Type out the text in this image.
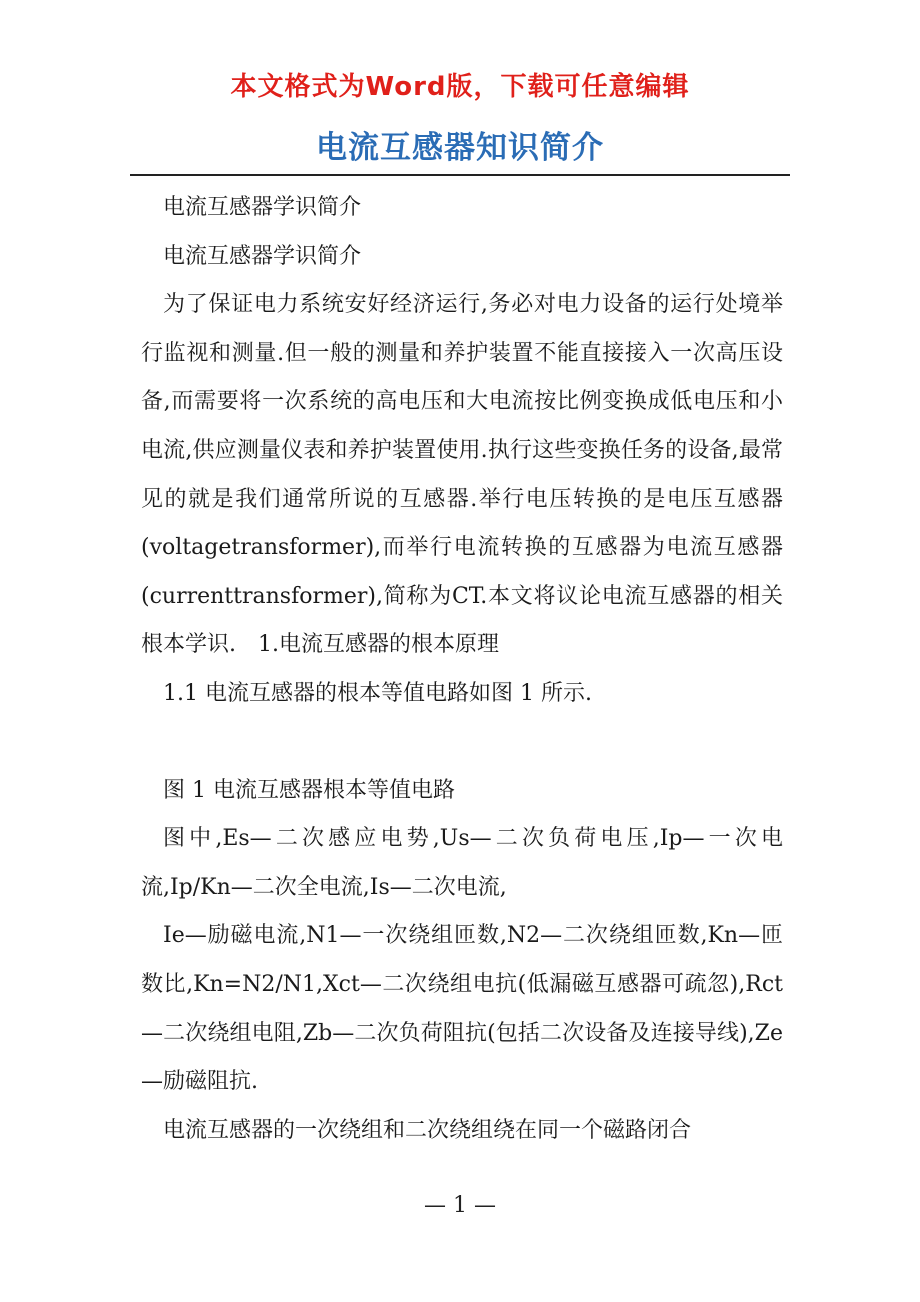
本文格式为Word版，下载可任意编辑
电流互感器知识简介

电流互感器学识简介

电流互感器学识简介

为了保证电力系统安好经济运行,务必对电力设备的运行处境举行监视和测量.但一般的测量和养护装置不能直接接入一次高压设备,而需要将一次系统的高电压和大电流按比例变换成低电压和小电流,供应测量仪表和养护装置使用.执行这些变换任务的设备,最常见的就是我们通常所说的互感器.举行电压转换的是电压互感器(voltagetransformer),而举行电流转换的互感器为电流互感器(currenttransformer),简称为CT.本文将议论电流互感器的相关根本学识.　1.电流互感器的根本原理

1.1 电流互感器的根本等值电路如图 1 所示.

图 1 电流互感器根本等值电路

图中,Es—二次感应电势,Us—二次负荷电压,Ip—一次电流,Ip/Kn—二次全电流,Is—二次电流,

Ie—励磁电流,N1—一次绕组匝数,N2—二次绕组匝数,Kn—匝数比,Kn=N2/N1,Xct—二次绕组电抗(低漏磁互感器可疏忽),Rct—二次绕组电阻,Zb—二次负荷阻抗(包括二次设备及连接导线),Ze—励磁阻抗.

电流互感器的一次绕组和二次绕组绕在同一个磁路闭合

— 1 —
